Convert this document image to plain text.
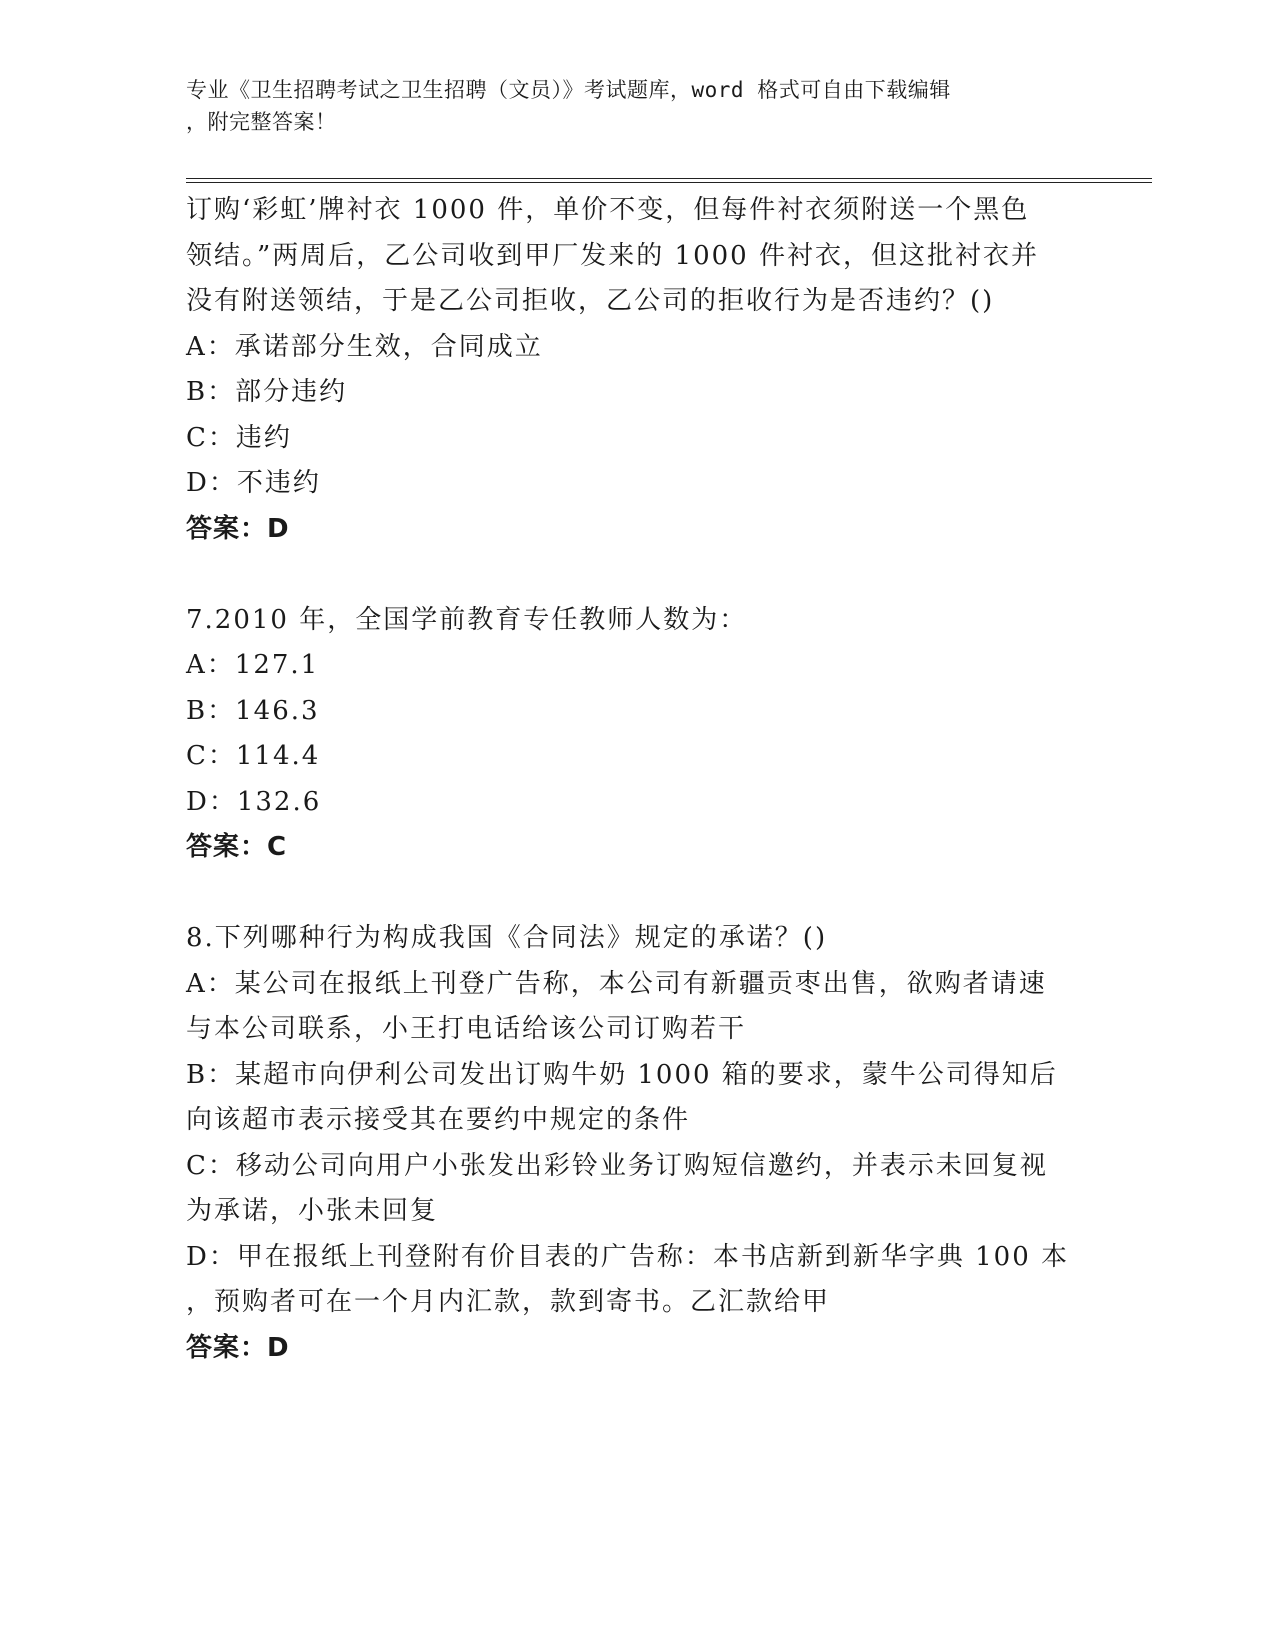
专业《卫生招聘考试之卫生招聘（文员）》考试题库，word 格式可自由下载编辑
，附完整答案！
订购‘彩虹’牌衬衣 1000 件，单价不变，但每件衬衣须附送一个黑色
领结。”两周后，乙公司收到甲厂发来的 1000 件衬衣，但这批衬衣并
没有附送领结，于是乙公司拒收，乙公司的拒收行为是否违约？()
A：承诺部分生效，合同成立
B：部分违约
C：违约
D：不违约
答案：D
7.2010 年，全国学前教育专任教师人数为：
A：127.1
B：146.3
C：114.4
D：132.6
答案：C
8.下列哪种行为构成我国《合同法》规定的承诺？()
A：某公司在报纸上刊登广告称，本公司有新疆贡枣出售，欲购者请速
与本公司联系，小王打电话给该公司订购若干
B：某超市向伊利公司发出订购牛奶 1000 箱的要求，蒙牛公司得知后
向该超市表示接受其在要约中规定的条件
C：移动公司向用户小张发出彩铃业务订购短信邀约，并表示未回复视
为承诺，小张未回复
D：甲在报纸上刊登附有价目表的广告称：本书店新到新华字典 100 本
，预购者可在一个月内汇款，款到寄书。乙汇款给甲
答案：D
